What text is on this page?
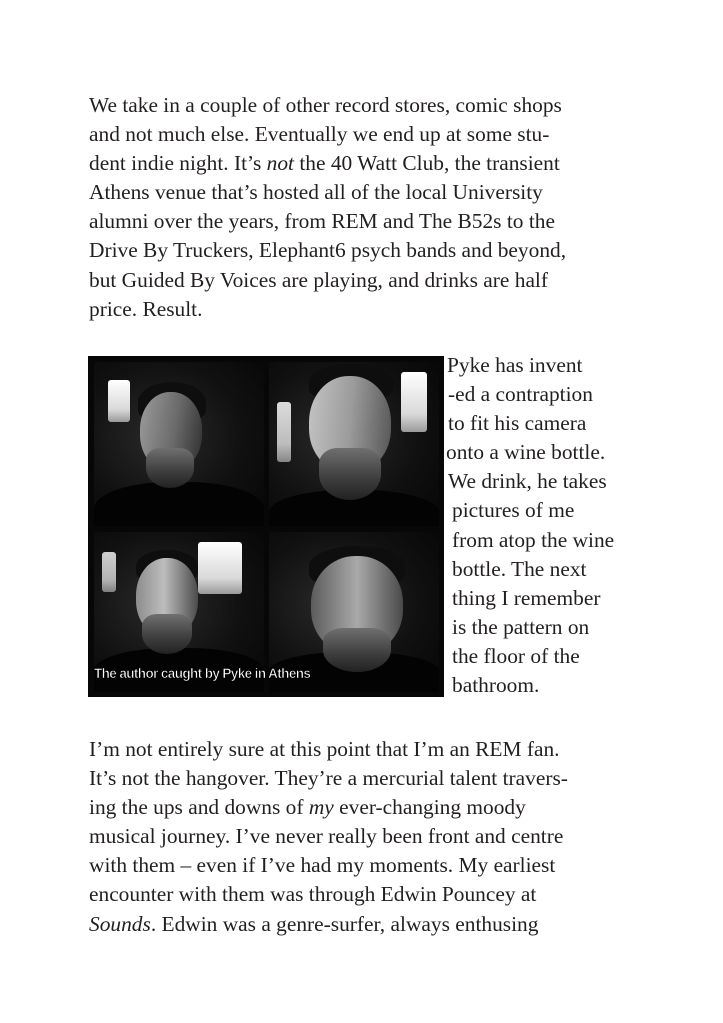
We take in a couple of other record stores, comic shops
and not much else. Eventually we end up at some stu-
dent indie night. It’s not the 40 Watt Club, the transient
Athens venue that’s hosted all of the local University
alumni over the years, from REM and The B52s to the
Drive By Truckers, Elephant6 psych bands and beyond,
but Guided By Voices are playing, and drinks are half
price. Result.

The author caught by Pyke in Athens

Pyke has invent
-ed a contraption
to fit his camera
onto a wine bottle.
We drink, he takes
pictures of me
from atop the wine
bottle. The next
thing I remember
is the pattern on
the floor of the
bathroom.

I’m not entirely sure at this point that I’m an REM fan.
It’s not the hangover. They’re a mercurial talent travers-
ing the ups and downs of my ever-changing moody
musical journey. I’ve never really been front and centre
with them – even if I’ve had my moments. My earliest
encounter with them was through Edwin Pouncey at
Sounds. Edwin was a genre-surfer, always enthusing
